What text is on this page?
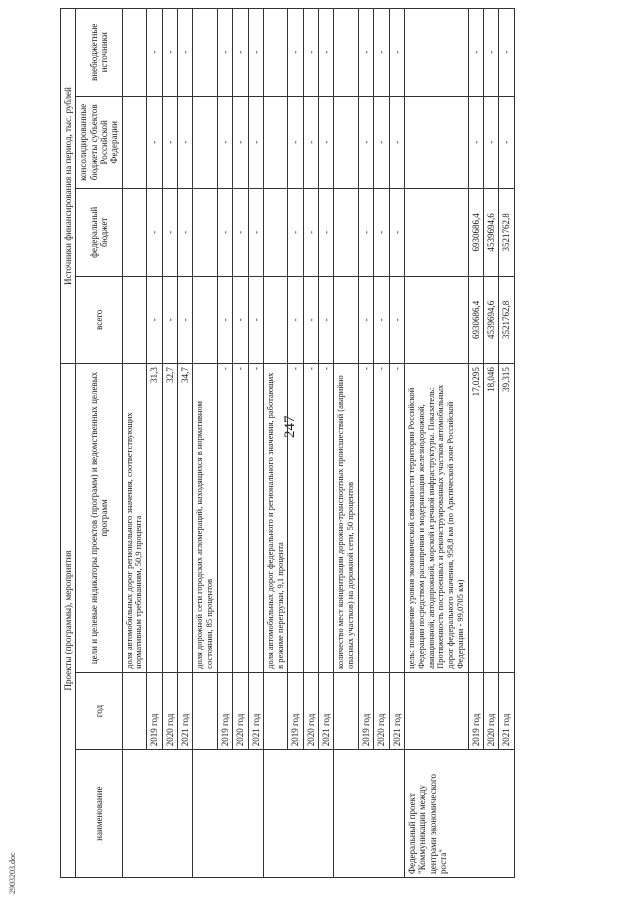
247
2903203.doc
Проекты (программы), мероприятия			Источники финансирования на период, тыс. рублей			
наименование	год	цели и целевые индикаторы проектов (программ) и ведомственных целевых программ	всего	федеральный бюджет	консолидированные бюджеты субъектов Российской Федерации	внебюджетные источники
		доля автомобильных дорог регионального значения, соответствующих нормативным требованиям, 50,9 процента				
	2019 год	31,3	-	-	-	-
	2020 год	32,7	-	-	-	-
	2021 год	34,7	-	-	-	-
		доля дорожной сети городских агломераций, находящихся в нормативном состоянии, 85 процентов				
	2019 год	-	-	-	-	-
	2020 год	-	-	-	-	-
	2021 год	-	-	-	-	-
		доля автомобильных дорог федерального и регионального значения, работающих в режиме перегрузки, 9,1 процента				
	2019 год	-	-	-	-	-
	2020 год	-	-	-	-	-
	2021 год	-	-	-	-	-
		количество мест концентрации дорожно-транспортных происшествий (аварийно опасных участков) на дорожной сети, 50 процентов				
	2019 год	-	-	-	-	-
	2020 год	-	-	-	-	-
	2021 год	-	-	-	-	-
Федеральный проект "Коммуникации между центрами экономического роста"		цель: повышение уровня экономической связанности территории Российской Федерации посредством расширения и модернизации железнодорожной, авиационной, автодорожной, морской и речной инфраструктуры. Показатель: Протяженность построенных и реконструированных участков автомобильных дорог федерального значения, 958,8 км (по Арктической зоне Российской Федерации - 99,0705 км)				
	2019 год	17,0295	6930686,4	6930686,4	-	-
	2020 год	18,046	4539694,6	4539694,6	-	-
	2021 год	39,315	3521762,8	3521762,8	-	-
